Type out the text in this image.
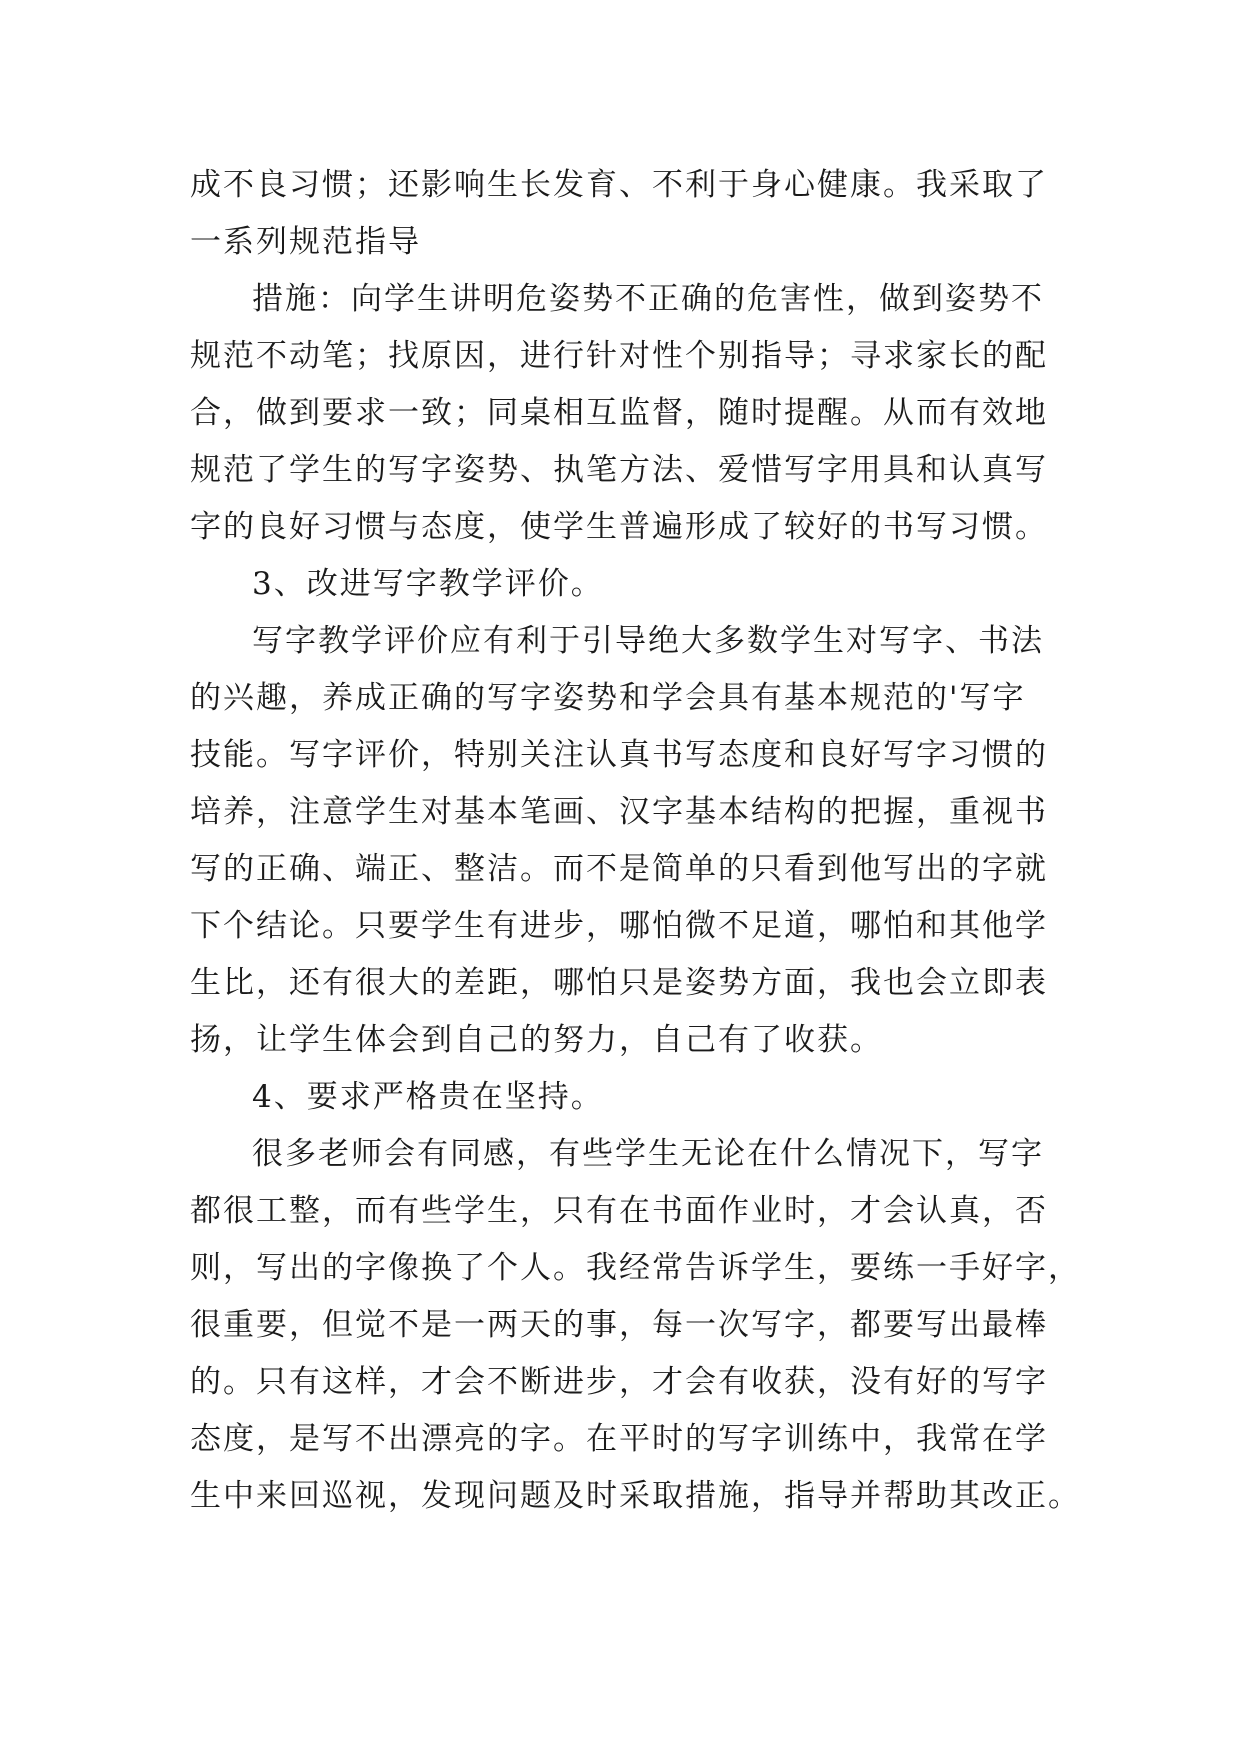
成不良习惯；还影响生长发育、不利于身心健康。我采取了
一系列规范指导
措施：向学生讲明危姿势不正确的危害性，做到姿势不
规范不动笔；找原因，进行针对性个别指导；寻求家长的配
合，做到要求一致；同桌相互监督，随时提醒。从而有效地
规范了学生的写字姿势、执笔方法、爱惜写字用具和认真写
字的良好习惯与态度，使学生普遍形成了较好的书写习惯。
3、改进写字教学评价。
写字教学评价应有利于引导绝大多数学生对写字、书法
的兴趣，养成正确的写字姿势和学会具有基本规范的'写字
技能。写字评价，特别关注认真书写态度和良好写字习惯的
培养，注意学生对基本笔画、汉字基本结构的把握，重视书
写的正确、端正、整洁。而不是简单的只看到他写出的字就
下个结论。只要学生有进步，哪怕微不足道，哪怕和其他学
生比，还有很大的差距，哪怕只是姿势方面，我也会立即表
扬，让学生体会到自己的努力，自己有了收获。
4、要求严格贵在坚持。
很多老师会有同感，有些学生无论在什么情况下，写字
都很工整，而有些学生，只有在书面作业时，才会认真，否
则，写出的字像换了个人。我经常告诉学生，要练一手好字，
很重要，但觉不是一两天的事，每一次写字，都要写出最棒
的。只有这样，才会不断进步，才会有收获，没有好的写字
态度，是写不出漂亮的字。在平时的写字训练中，我常在学
生中来回巡视，发现问题及时采取措施，指导并帮助其改正。
